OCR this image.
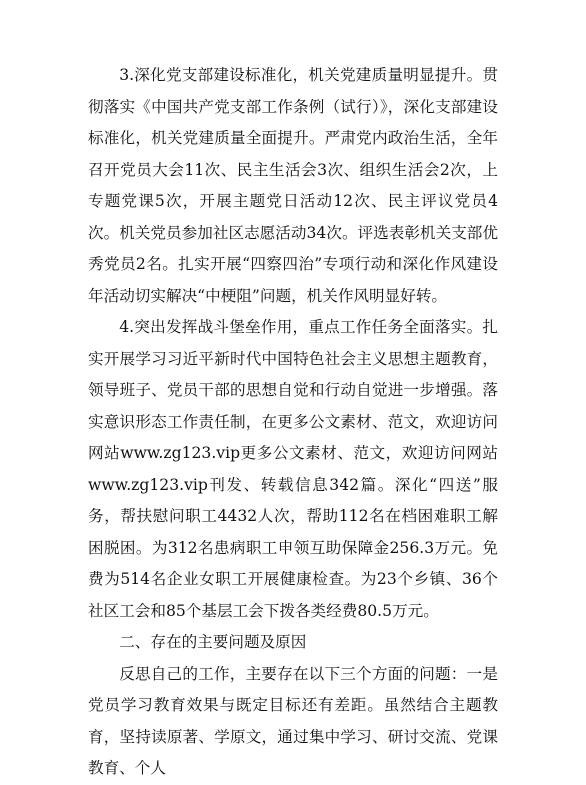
3.深化党支部建设标准化，机关党建质量明显提升。贯彻落实《中国共产党支部工作条例（试行）》，深化支部建设标准化，机关党建质量全面提升。严肃党内政治生活，全年召开党员大会11次、民主生活会3次、组织生活会2次，上专题党课5次，开展主题党日活动12次、民主评议党员4次。机关党员参加社区志愿活动34次。评选表彰机关支部优秀党员2名。扎实开展“四察四治”专项行动和深化作风建设年活动切实解决“中梗阻”问题，机关作风明显好转。

4.突出发挥战斗堡垒作用，重点工作任务全面落实。扎实开展学习习近平新时代中国特色社会主义思想主题教育，领导班子、党员干部的思想自觉和行动自觉进一步增强。落实意识形态工作责任制，在更多公文素材、范文，欢迎访问网站www.zg123.vip更多公文素材、范文，欢迎访问网站www.zg123.vip刊发、转载信息342篇。深化“四送”服务，帮扶慰问职工4432人次，帮助112名在档困难职工解困脱困。为312名患病职工申领互助保障金256.3万元。免费为514名企业女职工开展健康检查。为23个乡镇、36个社区工会和85个基层工会下拨各类经费80.5万元。

二、存在的主要问题及原因

反思自己的工作，主要存在以下三个方面的问题：一是党员学习教育效果与既定目标还有差距。虽然结合主题教育，坚持读原著、学原文，通过集中学习、研讨交流、党课教育、个人
